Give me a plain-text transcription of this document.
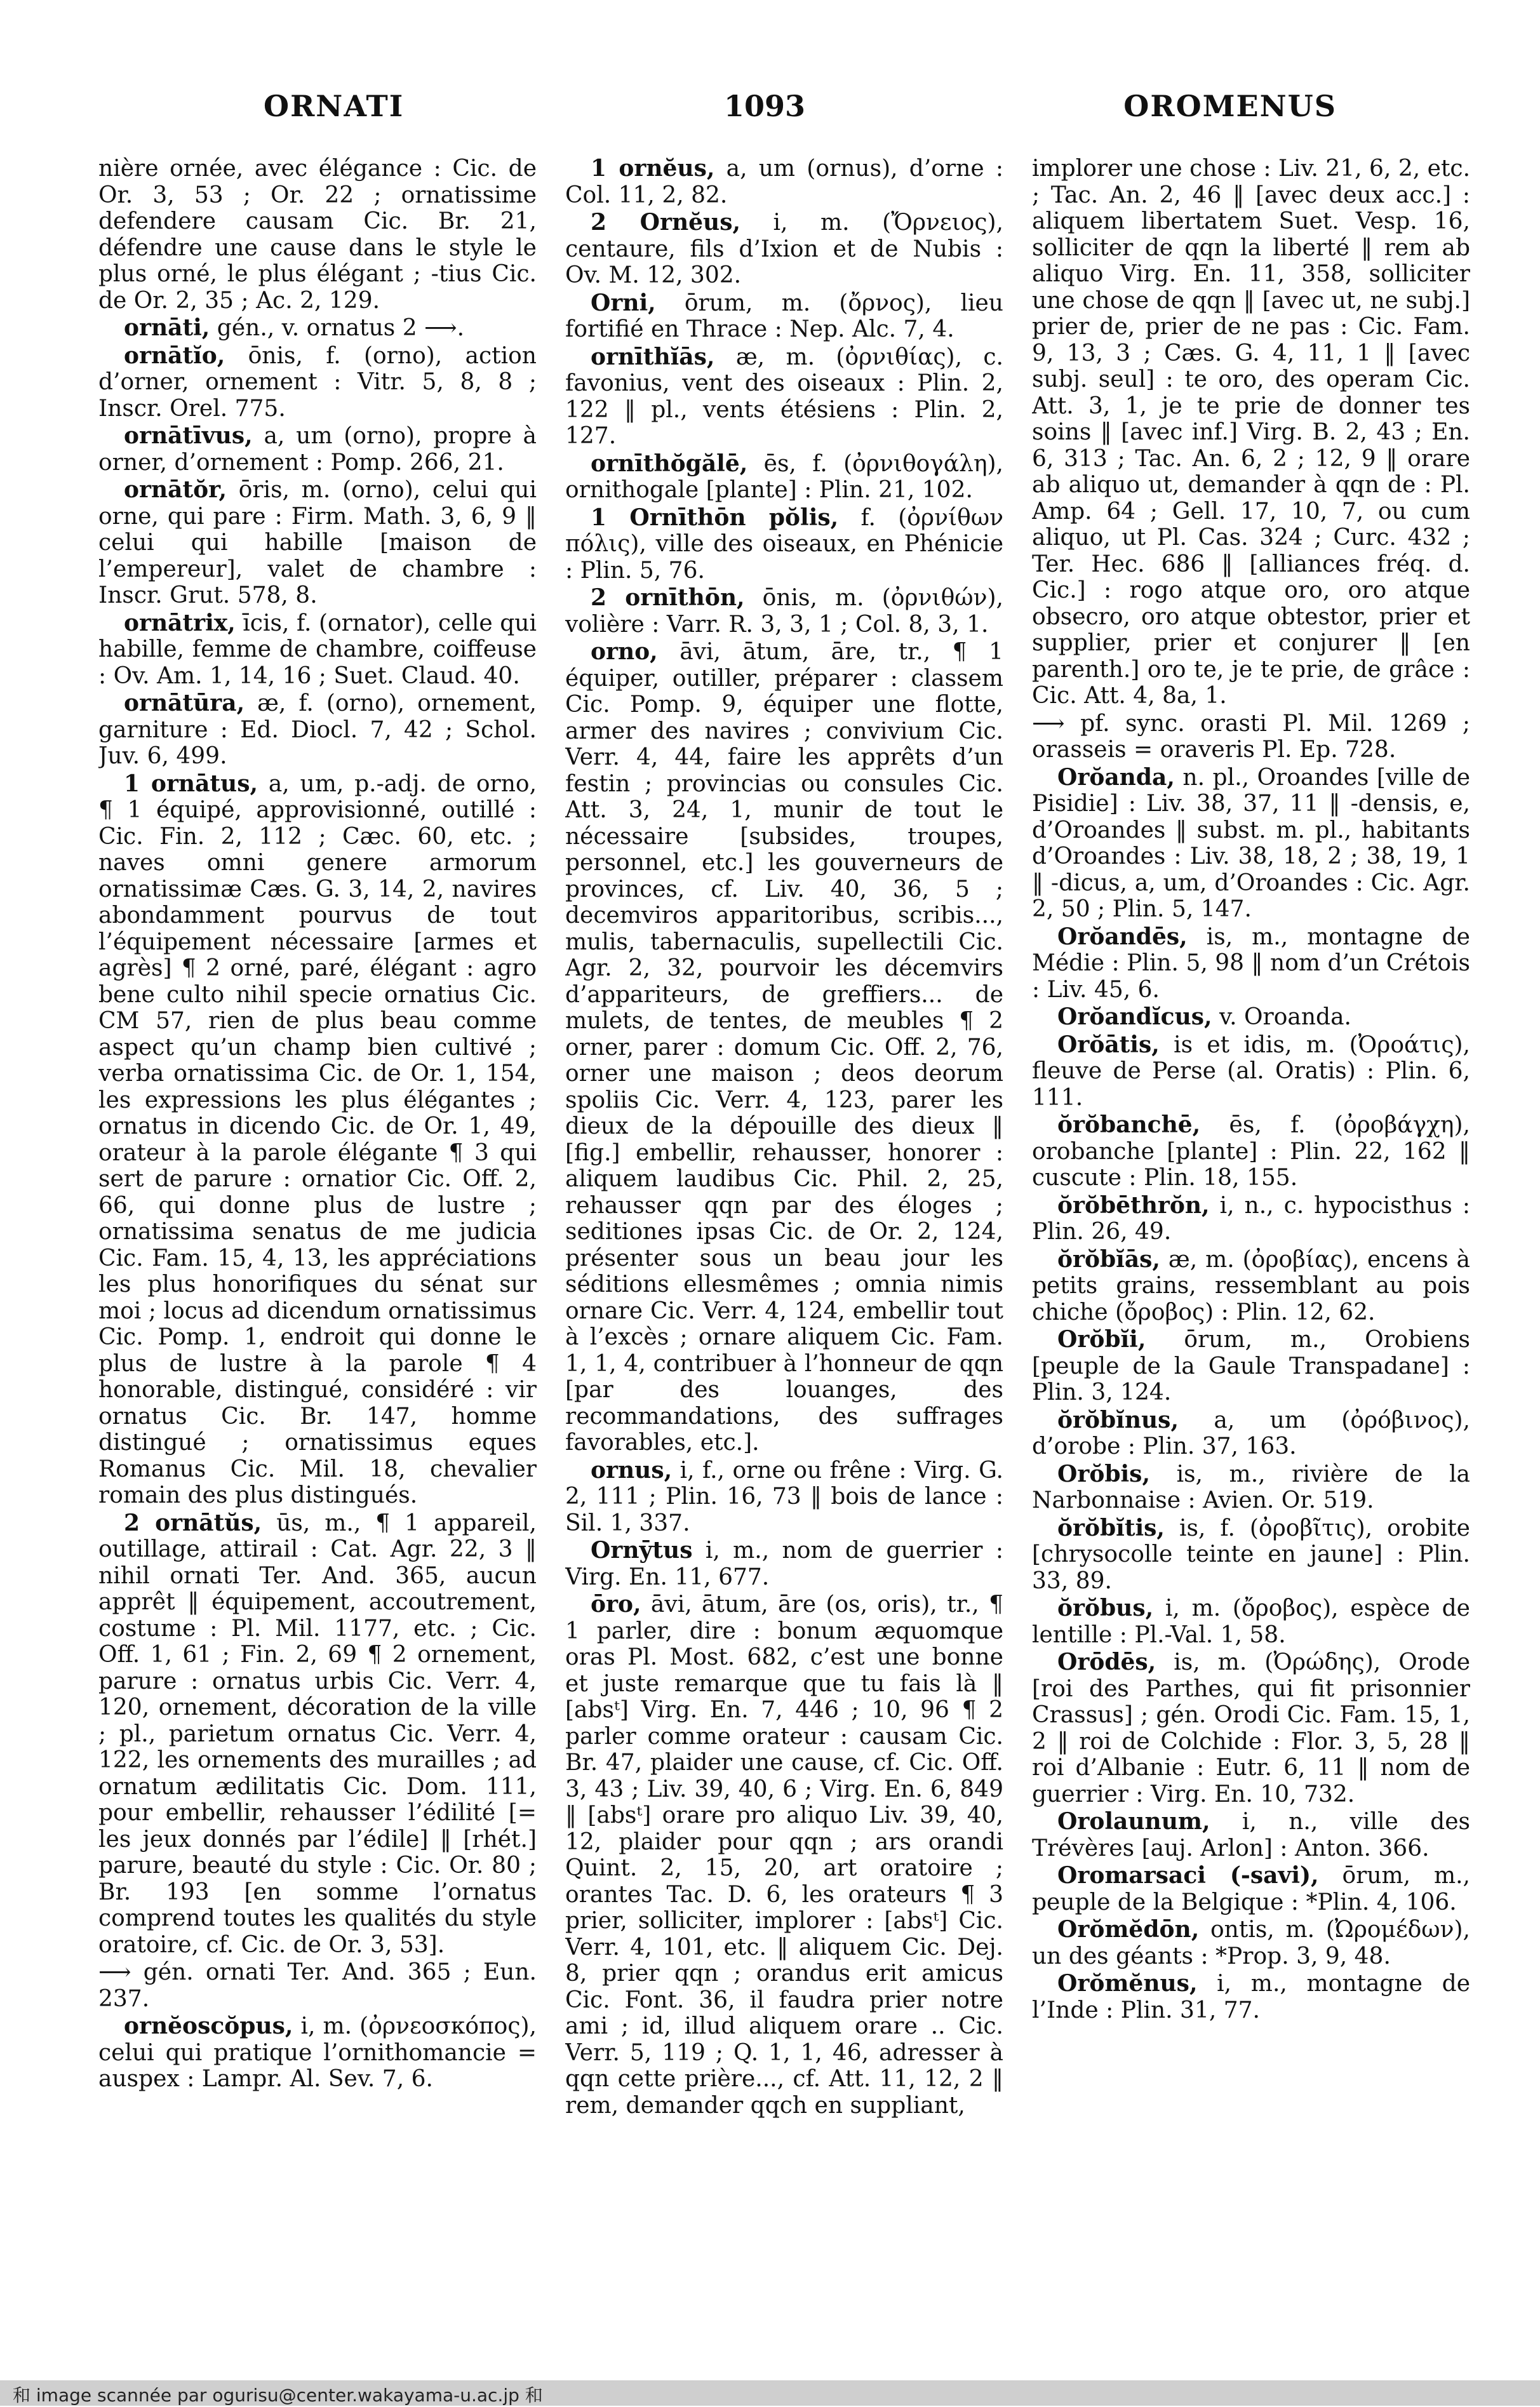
ORNATI	1093	OROMENUS

nière ornée, avec élégance : Cic. de Or. 3, 53 ; Or. 22 ; ornatissime defendere causam Cic. Br. 21, défendre une cause dans le style le plus orné, le plus élégant ; -tius Cic. de Or. 2, 35 ; Ac. 2, 129.

ornāti, gén., v. ornatus 2 ⟶.

ornātĭo, ōnis, f. (orno), action d’orner, ornement : Vitr. 5, 8, 8 ; Inscr. Orel. 775.

ornātīvus, a, um (orno), propre à orner, d’ornement : Pomp. 266, 21.

ornātŏr, ōris, m. (orno), celui qui orne, qui pare : Firm. Math. 3, 6, 9 ‖ celui qui habille [maison de l’empereur], valet de chambre : Inscr. Grut. 578, 8.

ornātrix, īcis, f. (ornator), celle qui habille, femme de chambre, coiffeuse : Ov. Am. 1, 14, 16 ; Suet. Claud. 40.

ornātūra, æ, f. (orno), ornement, garniture : Ed. Diocl. 7, 42 ; Schol. Juv. 6, 499.

1 ornātus, a, um, p.-adj. de orno, ¶ 1 équipé, approvisionné, outillé : Cic. Fin. 2, 112 ; Cæc. 60, etc. ; naves omni genere armorum ornatissimæ Cæs. G. 3, 14, 2, navires abondamment pourvus de tout l’équipement nécessaire [armes et agrès] ¶ 2 orné, paré, élégant : agro bene culto nihil specie ornatius Cic. CM 57, rien de plus beau comme aspect qu’un champ bien cultivé ; verba ornatissima Cic. de Or. 1, 154, les expressions les plus élégantes ; ornatus in dicendo Cic. de Or. 1, 49, orateur à la parole élégante ¶ 3 qui sert de parure : ornatior Cic. Off. 2, 66, qui donne plus de lustre ; ornatissima senatus de me judicia Cic. Fam. 15, 4, 13, les appréciations les plus honorifiques du sénat sur moi ; locus ad dicendum ornatissimus Cic. Pomp. 1, endroit qui donne le plus de lustre à la parole ¶ 4 honorable, distingué, considéré : vir ornatus Cic. Br. 147, homme distingué ; ornatissimus eques Romanus Cic. Mil. 18, chevalier romain des plus distingués.

2 ornātŭs, ūs, m., ¶ 1 appareil, outillage, attirail : Cat. Agr. 22, 3 ‖ nihil ornati Ter. And. 365, aucun apprêt ‖ équipement, accoutrement, costume : Pl. Mil. 1177, etc. ; Cic. Off. 1, 61 ; Fin. 2, 69 ¶ 2 ornement, parure : ornatus urbis Cic. Verr. 4, 120, ornement, décoration de la ville ; pl., parietum ornatus Cic. Verr. 4, 122, les ornements des murailles ; ad ornatum ædilitatis Cic. Dom. 111, pour embellir, rehausser l’édilité [= les jeux donnés par l’édile] ‖ [rhét.] parure, beauté du style : Cic. Or. 80 ; Br. 193 [en somme l’ornatus comprend toutes les qualités du style oratoire, cf. Cic. de Or. 3, 53].

⟶ gén. ornati Ter. And. 365 ; Eun. 237.

ornĕoscŏpus, i, m. (ὀρνεοσκόπος), celui qui pratique l’ornithomancie = auspex : Lampr. Al. Sev. 7, 6.

1 ornĕus, a, um (ornus), d’orne : Col. 11, 2, 82.

2 Ornĕus, i, m. (Ὄρνειος), centaure, fils d’Ixion et de Nubis : Ov. M. 12, 302.

Orni, ōrum, m. (ὄρνος), lieu fortifié en Thrace : Nep. Alc. 7, 4.

ornīthĭās, æ, m. (ὀρνιθίας), c. favonius, vent des oiseaux : Plin. 2, 122 ‖ pl., vents étésiens : Plin. 2, 127.

ornīthŏgălē, ēs, f. (ὀρνιθογάλη), ornithogale [plante] : Plin. 21, 102.

1 Ornīthōn pŏlis, f. (ὀρνίθων πόλις), ville des oiseaux, en Phénicie : Plin. 5, 76.

2 ornīthōn, ōnis, m. (ὀρνιθών), volière : Varr. R. 3, 3, 1 ; Col. 8, 3, 1.

orno, āvi, ātum, āre, tr., ¶ 1 équiper, outiller, préparer : classem Cic. Pomp. 9, équiper une flotte, armer des navires ; convivium Cic. Verr. 4, 44, faire les apprêts d’un festin ; provincias ou consules Cic. Att. 3, 24, 1, munir de tout le nécessaire [subsides, troupes, personnel, etc.] les gouverneurs de provinces, cf. Liv. 40, 36, 5 ; decemviros apparitoribus, scribis..., mulis, tabernaculis, supellectili Cic. Agr. 2, 32, pourvoir les décemvirs d’appariteurs, de greffiers... de mulets, de tentes, de meubles ¶ 2 orner, parer : domum Cic. Off. 2, 76, orner une maison ; deos deorum spoliis Cic. Verr. 4, 123, parer les dieux de la dépouille des dieux ‖ [fig.] embellir, rehausser, honorer : aliquem laudibus Cic. Phil. 2, 25, rehausser qqn par des éloges ; seditiones ipsas Cic. de Or. 2, 124, présenter sous un beau jour les séditions ellesmêmes ; omnia nimis ornare Cic. Verr. 4, 124, embellir tout à l’excès ; ornare aliquem Cic. Fam. 1, 1, 4, contribuer à l’honneur de qqn [par des louanges, des recommandations, des suffrages favorables, etc.].

ornus, i, f., orne ou frêne : Virg. G. 2, 111 ; Plin. 16, 73 ‖ bois de lance : Sil. 1, 337.

Ornȳtus i, m., nom de guerrier : Virg. En. 11, 677.

ōro, āvi, ātum, āre (os, oris), tr., ¶ 1 parler, dire : bonum æquomque oras Pl. Most. 682, c’est une bonne et juste remarque que tu fais là ‖ [absᵗ] Virg. En. 7, 446 ; 10, 96 ¶ 2 parler comme orateur : causam Cic. Br. 47, plaider une cause, cf. Cic. Off. 3, 43 ; Liv. 39, 40, 6 ; Virg. En. 6, 849 ‖ [absᵗ] orare pro aliquo Liv. 39, 40, 12, plaider pour qqn ; ars orandi Quint. 2, 15, 20, art oratoire ; orantes Tac. D. 6, les orateurs ¶ 3 prier, solliciter, implorer : [absᵗ] Cic. Verr. 4, 101, etc. ‖ aliquem Cic. Dej. 8, prier qqn ; orandus erit amicus Cic. Font. 36, il faudra prier notre ami ; id, illud aliquem orare .. Cic. Verr. 5, 119 ; Q. 1, 1, 46, adresser à qqn cette prière..., cf. Att. 11, 12, 2 ‖ rem, demander qqch en suppliant,

implorer une chose : Liv. 21, 6, 2, etc. ; Tac. An. 2, 46 ‖ [avec deux acc.] : aliquem libertatem Suet. Vesp. 16, solliciter de qqn la liberté ‖ rem ab aliquo Virg. En. 11, 358, solliciter une chose de qqn ‖ [avec ut, ne subj.] prier de, prier de ne pas : Cic. Fam. 9, 13, 3 ; Cæs. G. 4, 11, 1 ‖ [avec subj. seul] : te oro, des operam Cic. Att. 3, 1, je te prie de donner tes soins ‖ [avec inf.] Virg. B. 2, 43 ; En. 6, 313 ; Tac. An. 6, 2 ; 12, 9 ‖ orare ab aliquo ut, demander à qqn de : Pl. Amp. 64 ; Gell. 17, 10, 7, ou cum aliquo, ut Pl. Cas. 324 ; Curc. 432 ; Ter. Hec. 686 ‖ [alliances fréq. d. Cic.] : rogo atque oro, oro atque obsecro, oro atque obtestor, prier et supplier, prier et conjurer ‖ [en parenth.] oro te, je te prie, de grâce : Cic. Att. 4, 8a, 1.

⟶ pf. sync. orasti Pl. Mil. 1269 ; orasseis = oraveris Pl. Ep. 728.

Orŏanda, n. pl., Oroandes [ville de Pisidie] : Liv. 38, 37, 11 ‖ -densis, e, d’Oroandes ‖ subst. m. pl., habitants d’Oroandes : Liv. 38, 18, 2 ; 38, 19, 1 ‖ -dicus, a, um, d’Oroandes : Cic. Agr. 2, 50 ; Plin. 5, 147.

Orŏandēs, is, m., montagne de Médie : Plin. 5, 98 ‖ nom d’un Crétois : Liv. 45, 6.

Orŏandĭcus, v. Oroanda.

Orŏātis, is et idis, m. (Ὀροάτις), fleuve de Perse (al. Oratis) : Plin. 6, 111.

ŏrŏbanchē, ēs, f. (ὀροβάγχη), orobanche [plante] : Plin. 22, 162 ‖ cuscute : Plin. 18, 155.

ŏrŏbēthrŏn, i, n., c. hypocisthus : Plin. 26, 49.

ŏrŏbĭās, æ, m. (ὀροβίας), encens à petits grains, ressemblant au pois chiche (ὄροβος) : Plin. 12, 62.

Orŏbĭi, ōrum, m., Orobiens [peuple de la Gaule Transpadane] : Plin. 3, 124.

ŏrŏbĭnus, a, um (ὀρόβινος), d’orobe : Plin. 37, 163.

Orŏbis, is, m., rivière de la Narbonnaise : Avien. Or. 519.

ŏrŏbĭtis, is, f. (ὀροβῖτις), orobite [chrysocolle teinte en jaune] : Plin. 33, 89.

ŏrŏbus, i, m. (ὄροβος), espèce de lentille : Pl.-Val. 1, 58.

Orōdēs, is, m. (Ὀρώδης), Orode [roi des Parthes, qui fit prisonnier Crassus] ; gén. Orodi Cic. Fam. 15, 1, 2 ‖ roi de Colchide : Flor. 3, 5, 28 ‖ roi d’Albanie : Eutr. 6, 11 ‖ nom de guerrier : Virg. En. 10, 732.

Orolaunum, i, n., ville des Trévères [auj. Arlon] : Anton. 366.

Oromarsaci (-savi), ōrum, m., peuple de la Belgique : *Plin. 4, 106.

Orŏmĕdōn, ontis, m. (Ὠρομέδων), un des géants : *Prop. 3, 9, 48.

Orŏmĕnus, i, m., montagne de l’Inde : Plin. 31, 77.

和 image scannée par ogurisu@center.wakayama-u.ac.jp 和
